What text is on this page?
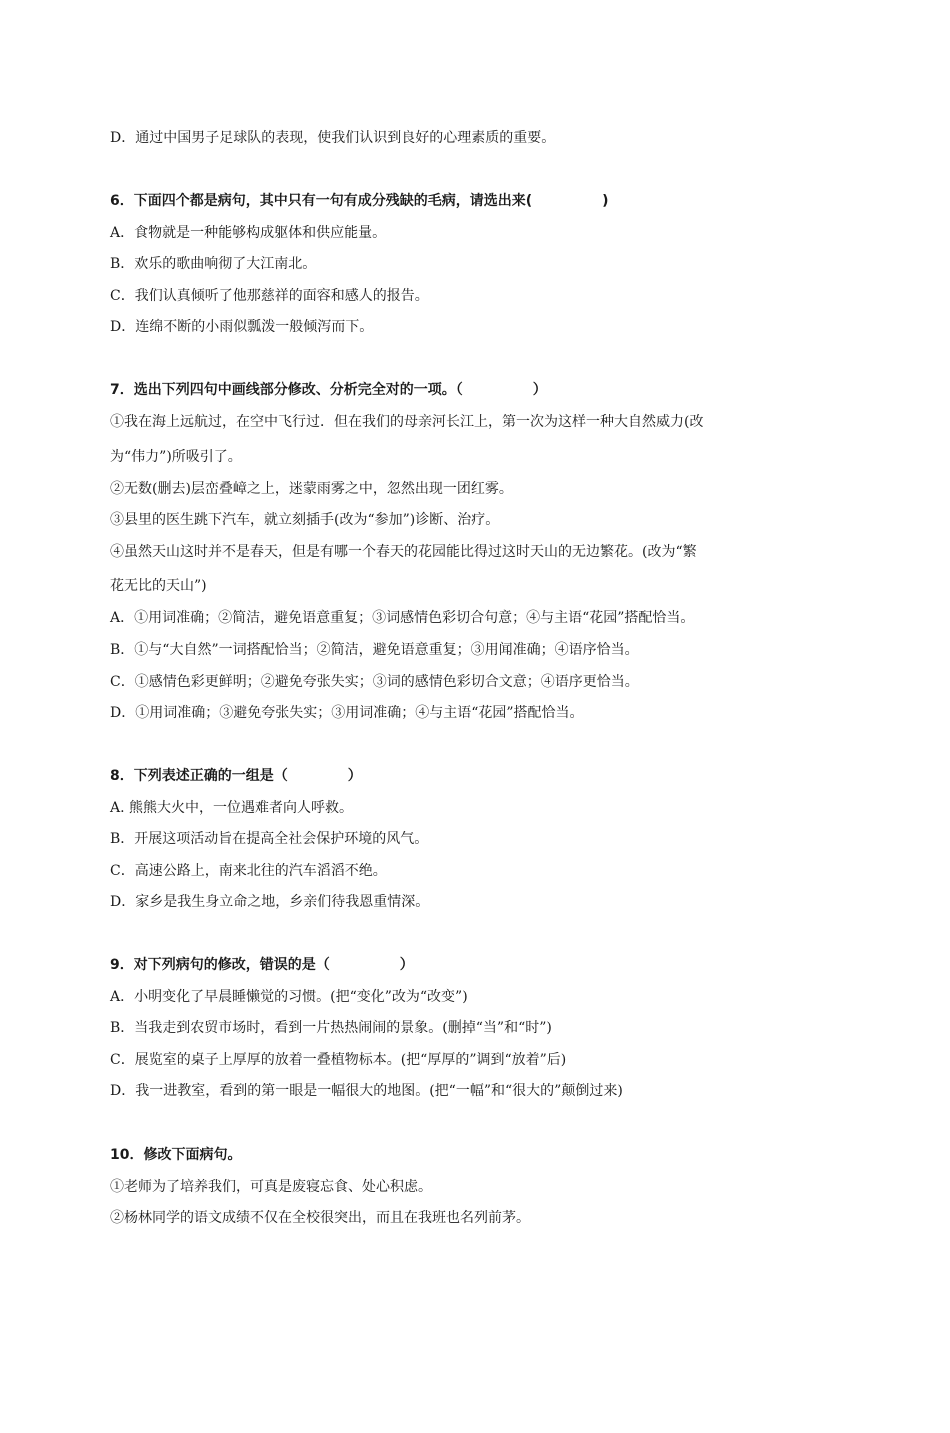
D．通过中国男子足球队的表现，使我们认识到良好的心理素质的重要。
6．下面四个都是病句，其中只有一句有成分残缺的毛病，请选出来(	)
A．食物就是一种能够构成躯体和供应能量。
B．欢乐的歌曲响彻了大江南北。
C．我们认真倾听了他那慈祥的面容和感人的报告。
D．连绵不断的小雨似瓢泼一般倾泻而下。
7．选出下列四句中画线部分修改、分析完全对的一项。（	）
①我在海上远航过，在空中飞行过．但在我们的母亲河长江上，第一次为这样一种大自然威力(改
为“伟力”)所吸引了。
②无数(删去)层峦叠嶂之上，迷蒙雨雾之中，忽然出现一团红雾。
③县里的医生跳下汽车，就立刻插手(改为“参加”)诊断、治疗。
④虽然天山这时并不是春天，但是有哪一个春天的花园能比得过这时天山的无边繁花。(改为“繁
花无比的天山”)
A．①用词准确；②简洁，避免语意重复；③词感情色彩切合句意；④与主语“花园”搭配恰当。
B．①与“大自然”一词搭配恰当；②简洁，避免语意重复；③用闻准确；④语序恰当。
C．①感情色彩更鲜明；②避免夸张失实；③词的感情色彩切合文意；④语序更恰当。
D．①用词准确；③避免夸张失实；③用词准确；④与主语“花园”搭配恰当。
8．下列表述正确的一组是（	）
A. 熊熊大火中，一位遇难者向人呼救。
B．开展这项活动旨在提高全社会保护环境的风气。
C．高速公路上，南来北往的汽车滔滔不绝。
D．家乡是我生身立命之地，乡亲们待我恩重情深。
9．对下列病句的修改，错误的是（	）
A．小明变化了早晨睡懒觉的习惯。(把“变化”改为“改变”)
B．当我走到农贸市场时，看到一片热热闹闹的景象。(删掉“当”和“时”)
C．展览室的桌子上厚厚的放着一叠植物标本。(把“厚厚的”调到“放着”后)
D．我一进教室，看到的第一眼是一幅很大的地图。(把“一幅”和“很大的”颠倒过来)
10．修改下面病句。
①老师为了培养我们，可真是废寝忘食、处心积虑。
②杨林同学的语文成绩不仅在全校很突出，而且在我班也名列前茅。
